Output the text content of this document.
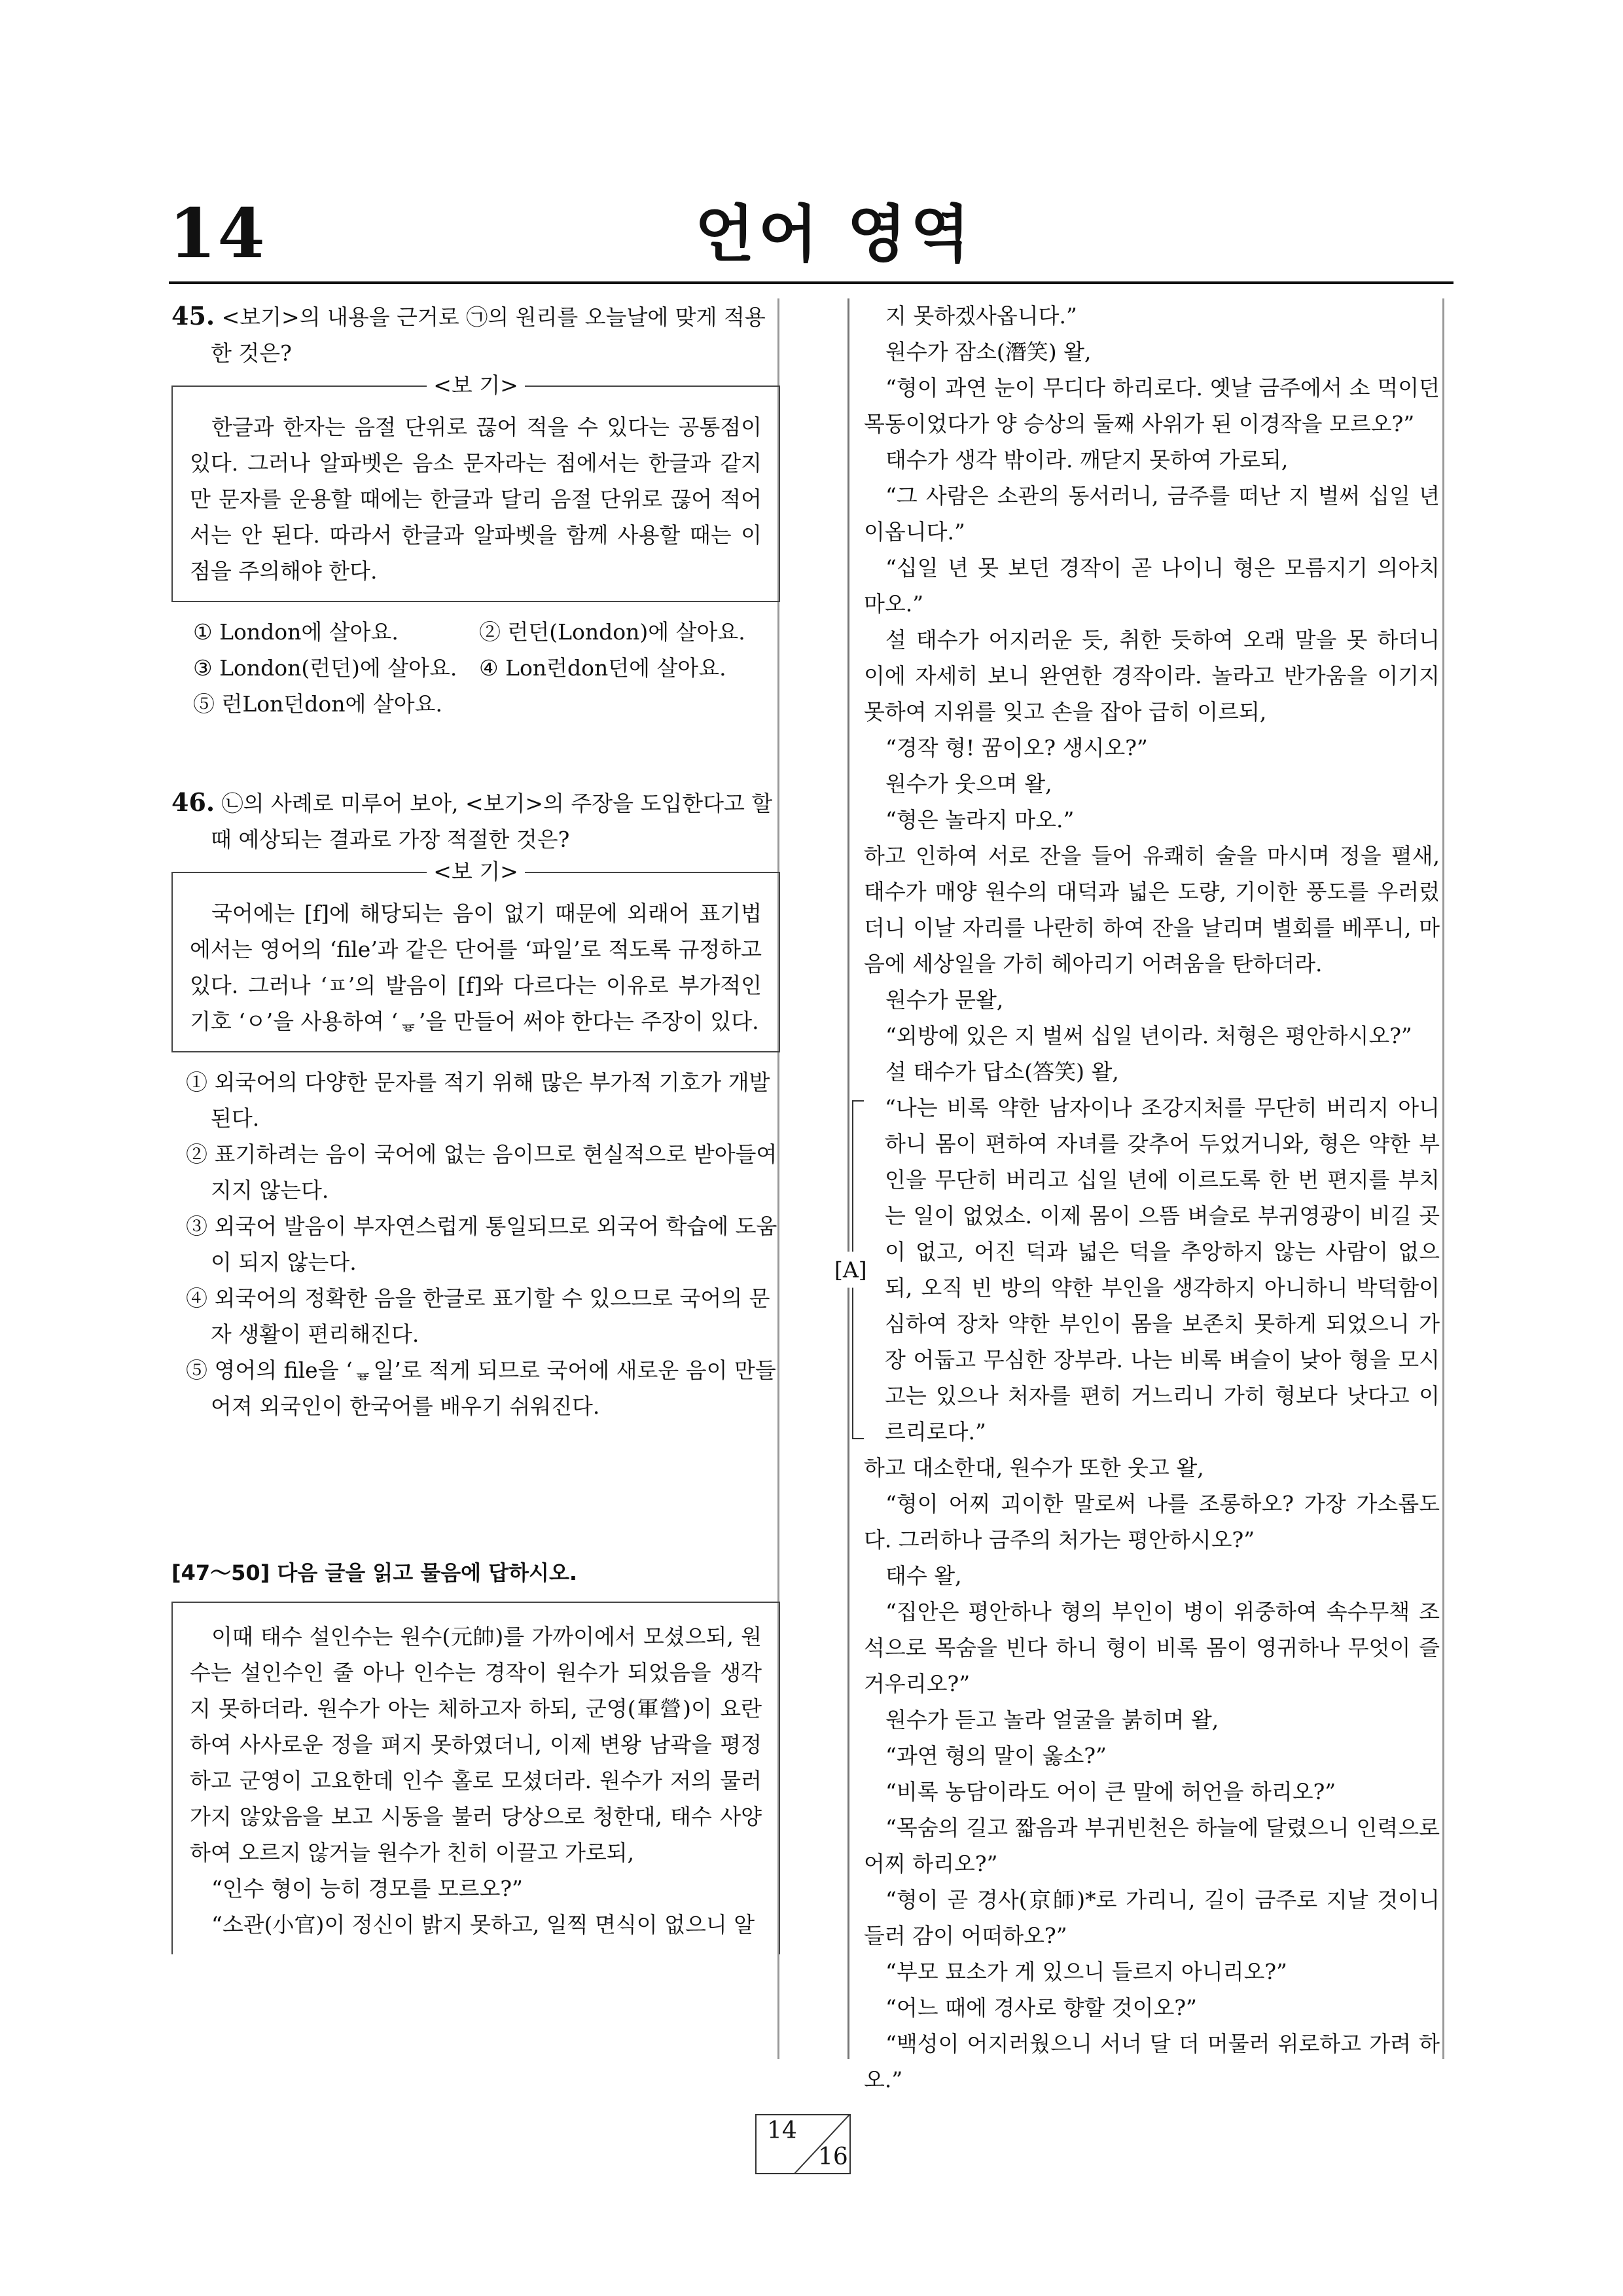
14	언어 영역

45. <보기>의 내용을 근거로 ㉠의 원리를 오늘날에 맞게 적용한 것은?

<보 기>

한글과 한자는 음절 단위로 끊어 적을 수 있다는 공통점이 있다. 그러나 알파벳은 음소 문자라는 점에서는 한글과 같지만 문자를 운용할 때에는 한글과 달리 음절 단위로 끊어 적어서는 안 된다. 따라서 한글과 알파벳을 함께 사용할 때는 이 점을 주의해야 한다.

① London에 살아요.	② 런던(London)에 살아요.
③ London(런던)에 살아요.	④ Lon런don던에 살아요.
⑤ 런Lon던don에 살아요.

46. ㉡의 사례로 미루어 보아, <보기>의 주장을 도입한다고 할 때 예상되는 결과로 가장 적절한 것은?

<보 기>

국어에는 [f]에 해당되는 음이 없기 때문에 외래어 표기법에서는 영어의 ‘file’과 같은 단어를 ‘파일’로 적도록 규정하고 있다. 그러나 ‘ㅍ’의 발음이 [f]와 다르다는 이유로 부가적인 기호 ‘ㅇ’을 사용하여 ‘ᇴ’을 만들어 써야 한다는 주장이 있다.

① 외국어의 다양한 문자를 적기 위해 많은 부가적 기호가 개발된다.

② 표기하려는 음이 국어에 없는 음이므로 현실적으로 받아들여지지 않는다.

③ 외국어 발음이 부자연스럽게 통일되므로 외국어 학습에 도움이 되지 않는다.

④ 외국어의 정확한 음을 한글로 표기할 수 있으므로 국어의 문자 생활이 편리해진다.

⑤ 영어의 file을 ‘ᇴ일’로 적게 되므로 국어에 새로운 음이 만들어져 외국인이 한국어를 배우기 쉬워진다.

[47～50] 다음 글을 읽고 물음에 답하시오.

이때 태수 설인수는 원수(元帥)를 가까이에서 모셨으되, 원수는 설인수인 줄 아나 인수는 경작이 원수가 되었음을 생각지 못하더라. 원수가 아는 체하고자 하되, 군영(軍營)이 요란하여 사사로운 정을 펴지 못하였더니, 이제 변왕 남곽을 평정하고 군영이 고요한데 인수 홀로 모셨더라. 원수가 저의 물러가지 않았음을 보고 시동을 불러 당상으로 청한대, 태수 사양하여 오르지 않거늘 원수가 친히 이끌고 가로되,

“인수 형이 능히 경모를 모르오?”

“소관(小官)이 정신이 밝지 못하고, 일찍 면식이 없으니 알

지 못하겠사옵니다.”

원수가 잠소(潛笑) 왈,

“형이 과연 눈이 무디다 하리로다. 옛날 금주에서 소 먹이던 목동이었다가 양 승상의 둘째 사위가 된 이경작을 모르오?”

태수가 생각 밖이라. 깨닫지 못하여 가로되,

“그 사람은 소관의 동서러니, 금주를 떠난 지 벌써 십일 년이옵니다.”

“십일 년 못 보던 경작이 곧 나이니 형은 모름지기 의아치 마오.”

설 태수가 어지러운 듯, 취한 듯하여 오래 말을 못 하더니 이에 자세히 보니 완연한 경작이라. 놀라고 반가움을 이기지 못하여 지위를 잊고 손을 잡아 급히 이르되,

“경작 형! 꿈이오? 생시오?”

원수가 웃으며 왈,

“형은 놀라지 마오.”

하고 인하여 서로 잔을 들어 유쾌히 술을 마시며 정을 펼새, 태수가 매양 원수의 대덕과 넓은 도량, 기이한 풍도를 우러렀더니 이날 자리를 나란히 하여 잔을 날리며 별회를 베푸니, 마음에 세상일을 가히 헤아리기 어려움을 탄하더라.

원수가 문왈,

“외방에 있은 지 벌써 십일 년이라. 처형은 평안하시오?”

설 태수가 답소(答笑) 왈,

[A]

“나는 비록 약한 남자이나 조강지처를 무단히 버리지 아니하니 몸이 편하여 자녀를 갖추어 두었거니와, 형은 약한 부인을 무단히 버리고 십일 년에 이르도록 한 번 편지를 부치는 일이 없었소. 이제 몸이 으뜸 벼슬로 부귀영광이 비길 곳이 없고, 어진 덕과 넓은 덕을 추앙하지 않는 사람이 없으되, 오직 빈 방의 약한 부인을 생각하지 아니하니 박덕함이 심하여 장차 약한 부인이 몸을 보존치 못하게 되었으니 가장 어둡고 무심한 장부라. 나는 비록 벼슬이 낮아 형을 모시고는 있으나 처자를 편히 거느리니 가히 형보다 낫다고 이르리로다.”

하고 대소한대, 원수가 또한 웃고 왈,

“형이 어찌 괴이한 말로써 나를 조롱하오? 가장 가소롭도다. 그러하나 금주의 처가는 평안하시오?”

태수 왈,

“집안은 평안하나 형의 부인이 병이 위중하여 속수무책 조석으로 목숨을 빈다 하니 형이 비록 몸이 영귀하나 무엇이 즐거우리오?”

원수가 듣고 놀라 얼굴을 붉히며 왈,

“과연 형의 말이 옳소?”

“비록 농담이라도 어이 큰 말에 허언을 하리오?”

“목숨의 길고 짧음과 부귀빈천은 하늘에 달렸으니 인력으로 어찌 하리오?”

“형이 곧 경사(京師)*로 가리니, 길이 금주로 지날 것이니 들러 감이 어떠하오?”

“부모 묘소가 게 있으니 들르지 아니리오?”

“어느 때에 경사로 향할 것이오?”

“백성이 어지러웠으니 서너 달 더 머물러 위로하고 가려 하오.”

14
16
